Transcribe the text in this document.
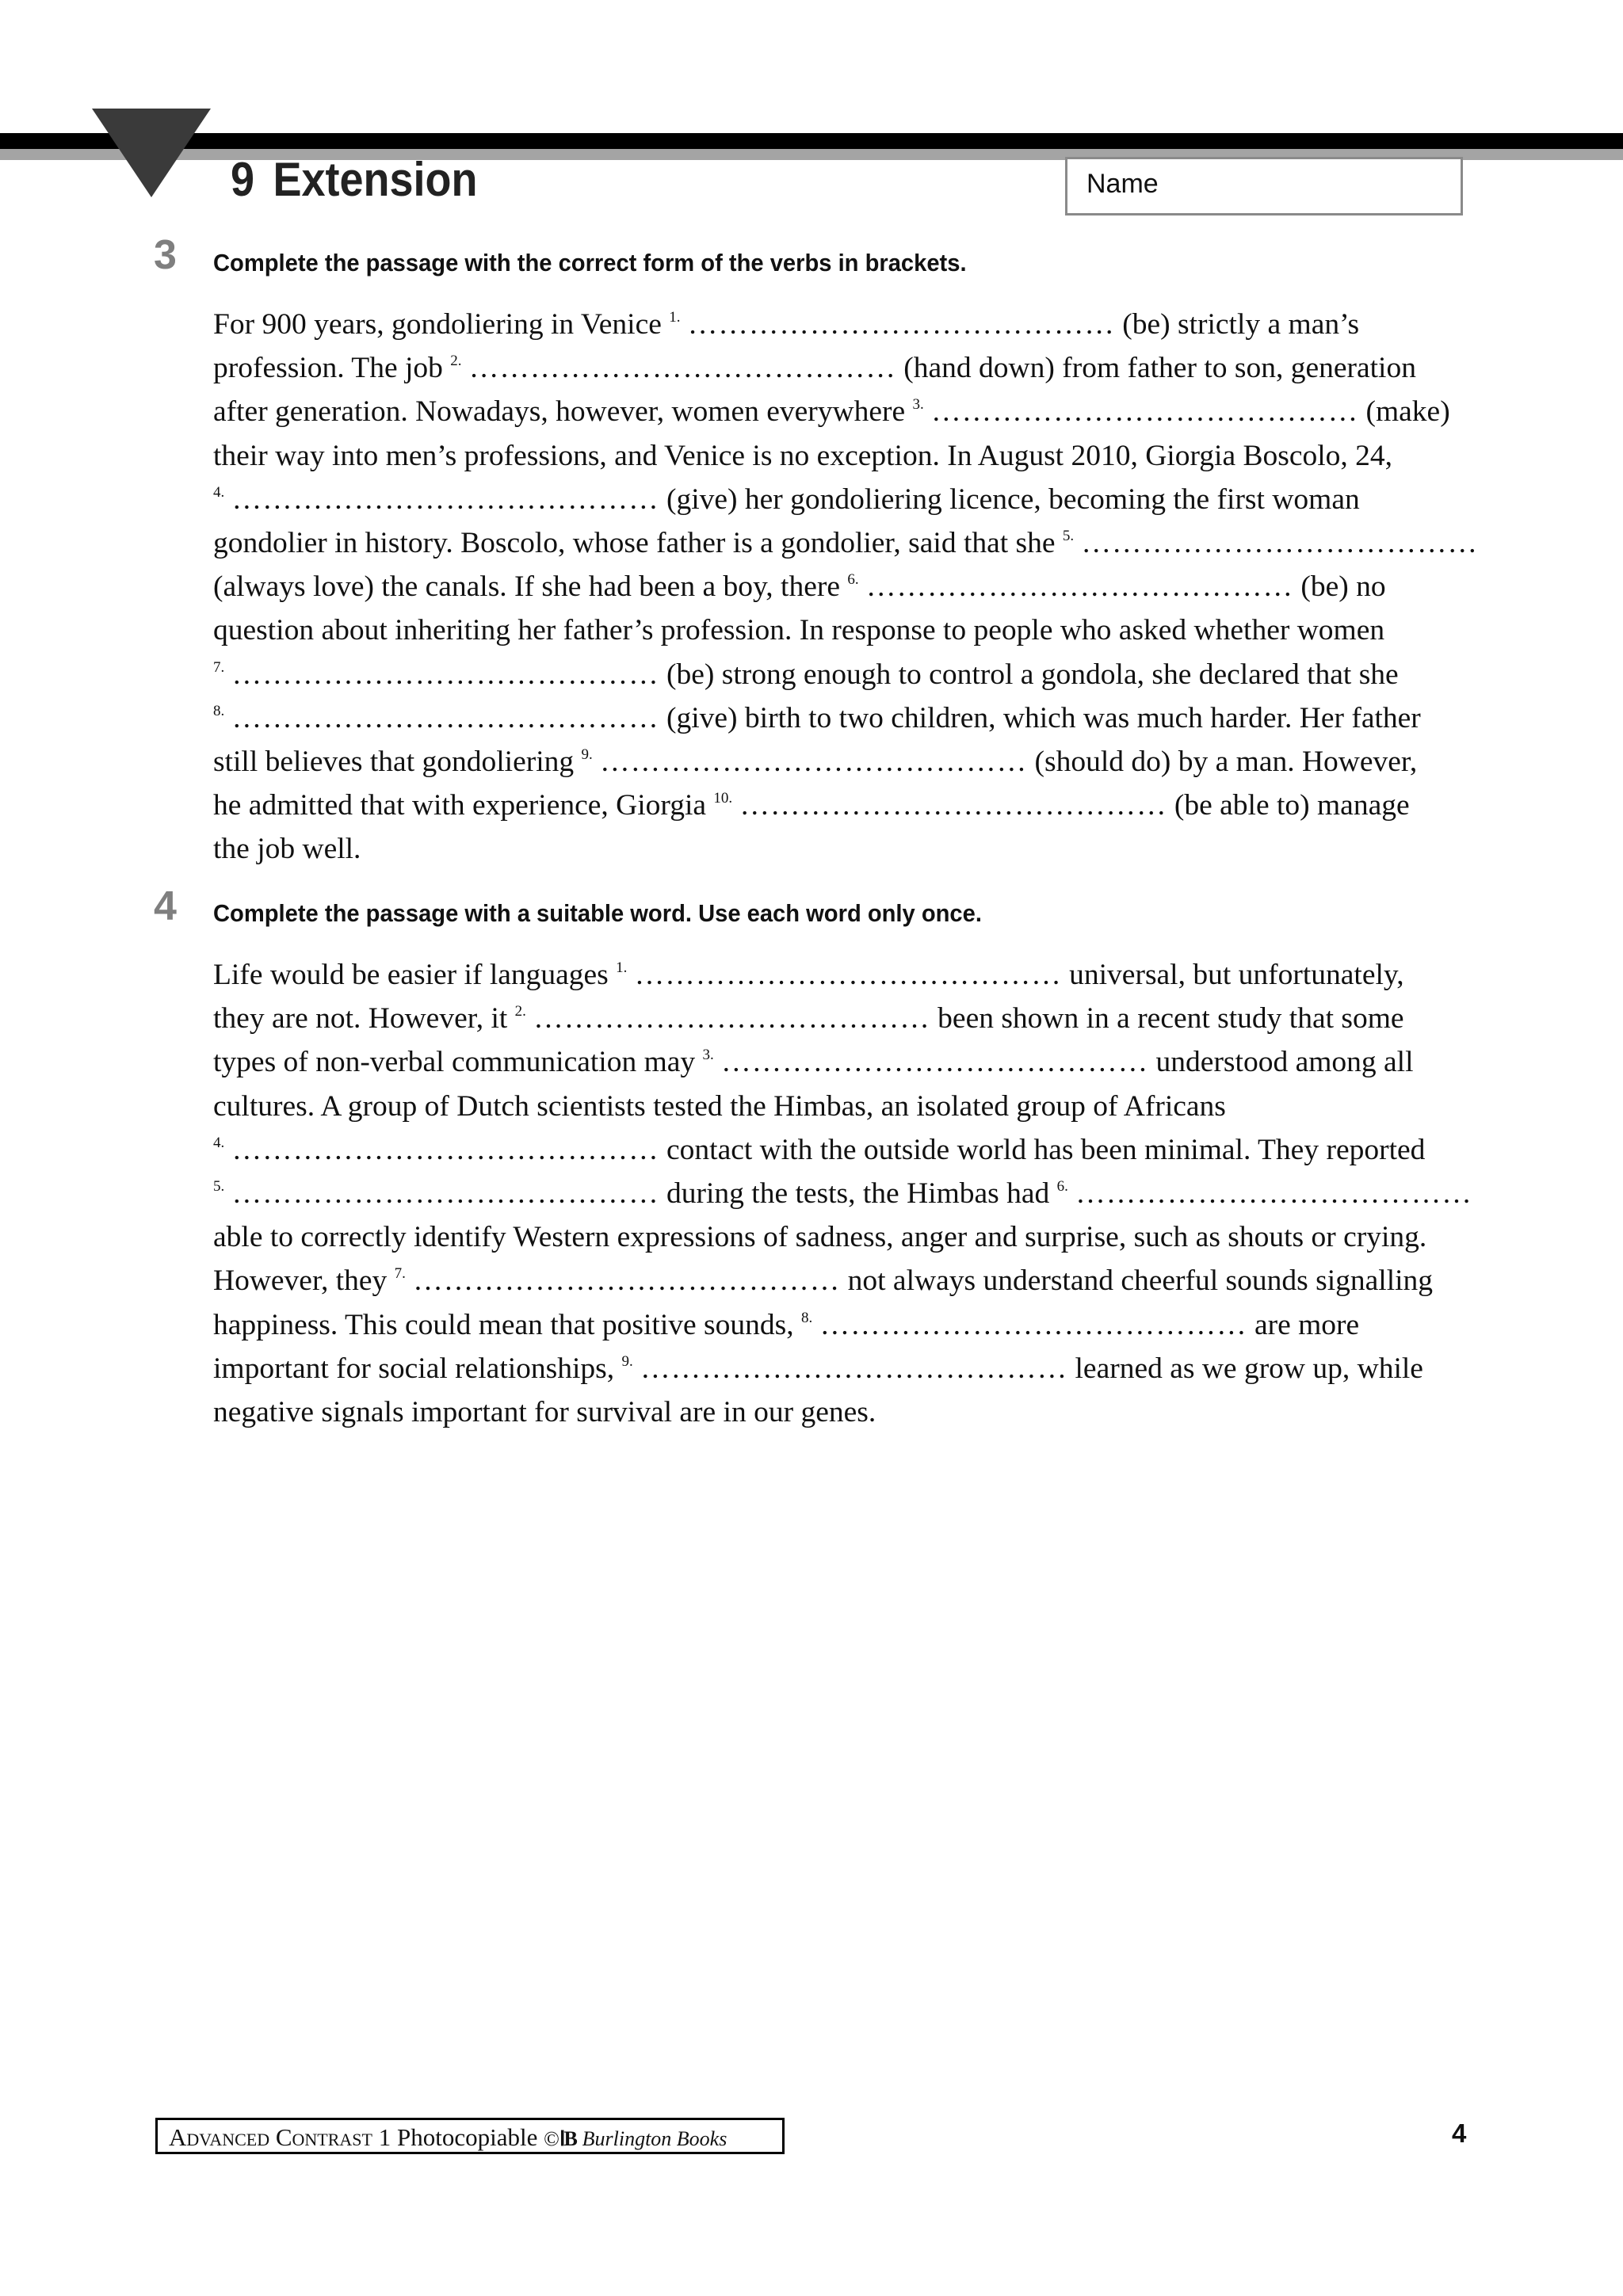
9 Extension	Name
3 Complete the passage with the correct form of the verbs in brackets.
For 900 years, gondoliering in Venice $^{1.}$ …………………………………… (be) strictly a man’s
profession. The job $^{2.}$ …………………………………… (hand down) from father to son, generation
after generation. Nowadays, however, women everywhere $^{3.}$ …………………………………… (make)
their way into men’s professions, and Venice is no exception. In August 2010, Giorgia Boscolo, 24,
$^{4.}$ …………………………………… (give) her gondoliering licence, becoming the first woman
gondolier in history. Boscolo, whose father is a gondolier, said that she $^{5.}$ …………………………………
(always love) the canals. If she had been a boy, there $^{6.}$ …………………………………… (be) no
question about inheriting her father’s profession. In response to people who asked whether women
$^{7.}$ …………………………………… (be) strong enough to control a gondola, she declared that she
$^{8.}$ …………………………………… (give) birth to two children, which was much harder. Her father
still believes that gondoliering $^{9.}$ …………………………………… (should do) by a man. However,
he admitted that with experience, Giorgia $^{10.}$ …………………………………… (be able to) manage
the job well.
4 Complete the passage with a suitable word. Use each word only once.
Life would be easier if languages $^{1.}$ …………………………………… universal, but unfortunately,
they are not. However, it $^{2.}$ ………………………………… been shown in a recent study that some
types of non-verbal communication may $^{3.}$ …………………………………… understood among all
cultures. A group of Dutch scientists tested the Himbas, an isolated group of Africans
$^{4.}$ …………………………………… contact with the outside world has been minimal. They reported
$^{5.}$ …………………………………… during the tests, the Himbas had $^{6.}$ …………………………………
able to correctly identify Western expressions of sadness, anger and surprise, such as shouts or crying.
However, they $^{7.}$ …………………………………… not always understand cheerful sounds signalling
happiness. This could mean that positive sounds, $^{8.}$ …………………………………… are more
important for social relationships, $^{9.}$ …………………………………… learned as we grow up, while
negative signals important for survival are in our genes.
Advanced Contrast 1 Photocopiable ©ⅠB Burlington Books	4
